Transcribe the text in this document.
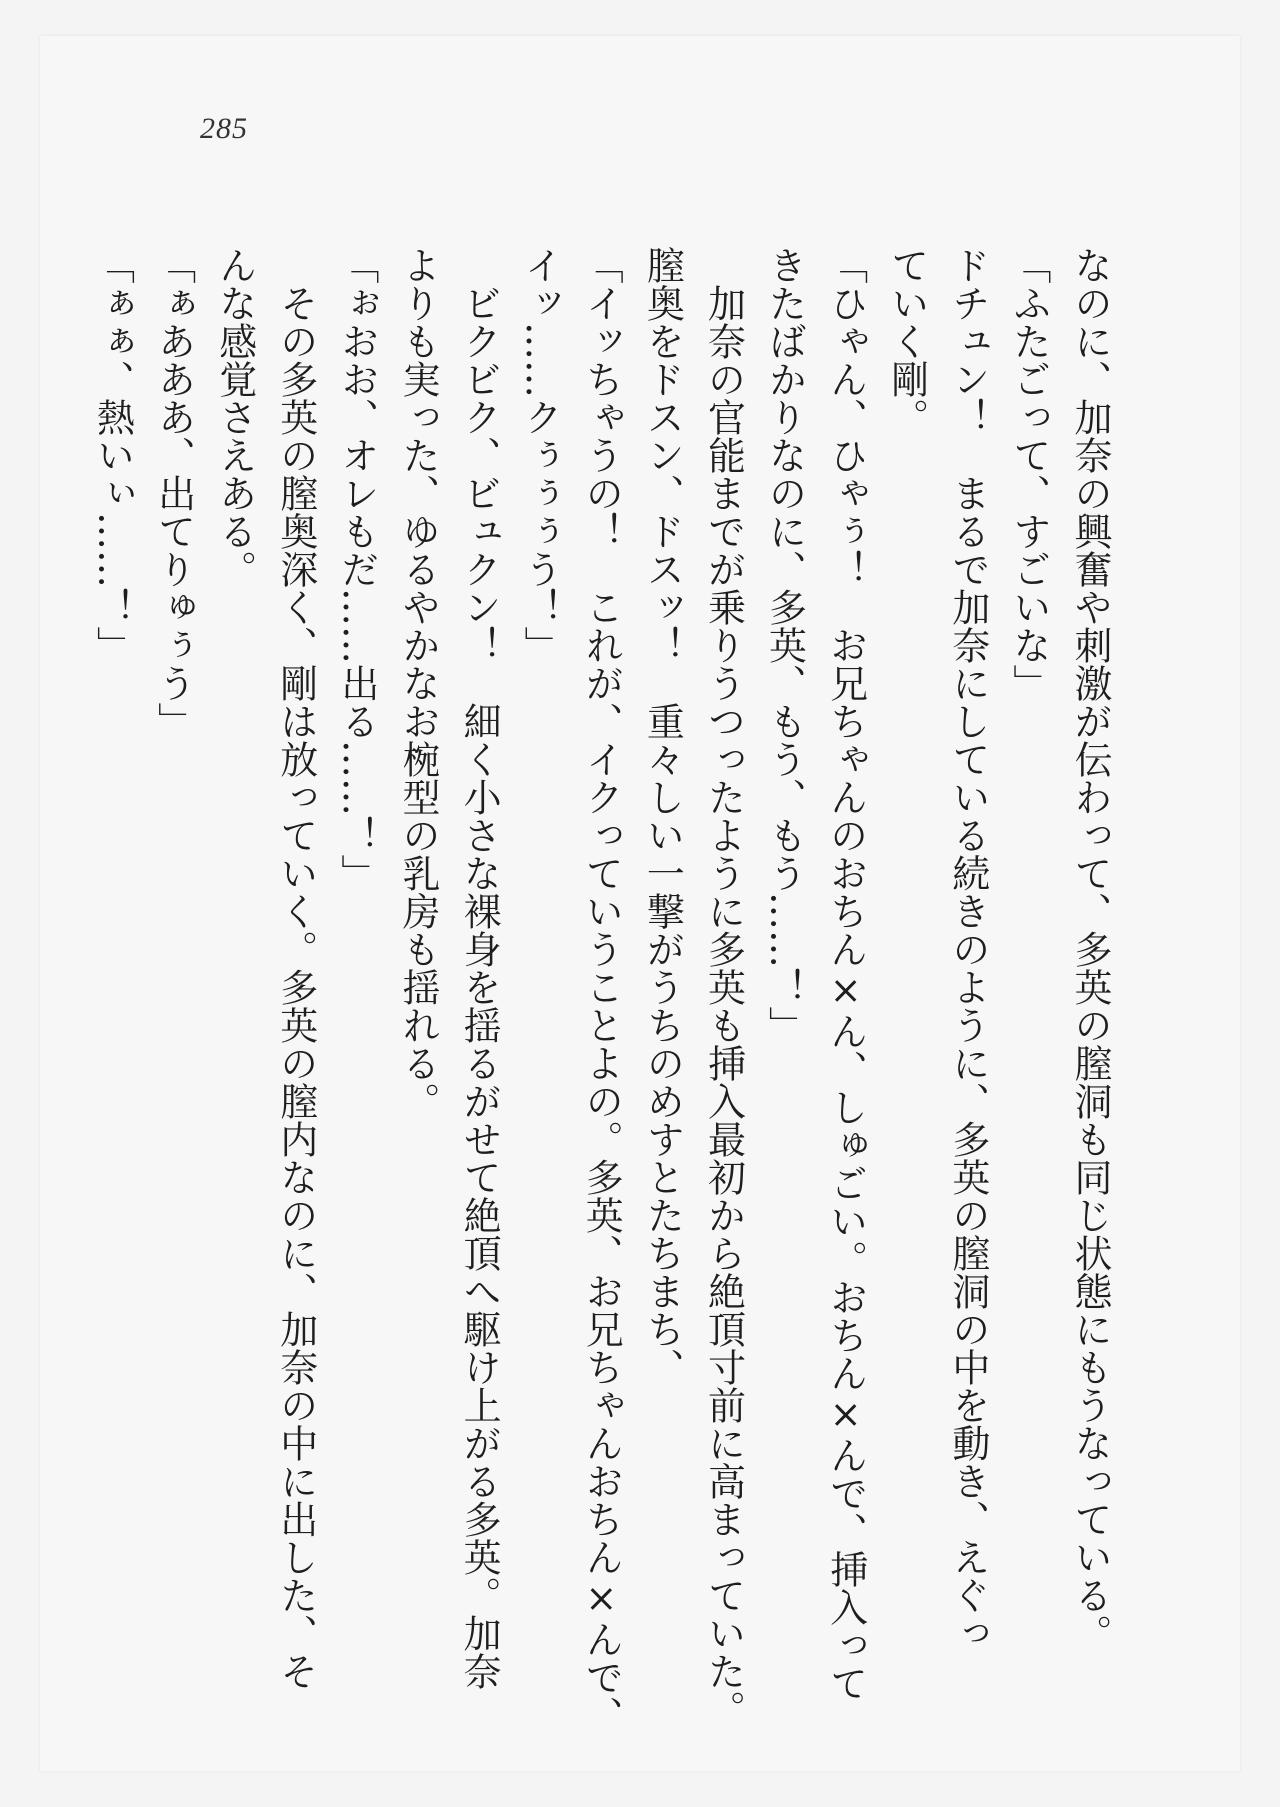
285
なのに、加奈の興奮や刺激が伝わって、多英の膣洞も同じ状態にもうなっている。
「ふたごって、すごいな」
ドチュン！　まるで加奈にしている続きのように、多英の膣洞の中を動き、えぐっ
ていく剛。
「ひゃん、ひゃぅ！　お兄ちゃんのおちん×ん、しゅごい。おちん×んで、挿入って
きたばかりなのに、多英、もう、もう……！」
　加奈の官能までが乗りうつったように多英も挿入最初から絶頂寸前に高まっていた。
膣奥をドスン、ドスッ！　重々しい一撃がうちのめすとたちまち、
「イッちゃうの！　これが、イクっていうことよの。多英、お兄ちゃんおちん×んで、
イッ……クぅぅぅう！」
　ビクビク、ビュクン！　細く小さな裸身を揺るがせて絶頂へ駆け上がる多英。加奈
よりも実った、ゆるやかなお椀型の乳房も揺れる。
「ぉおお、オレもだ……出る……！」
　その多英の膣奥深く、剛は放っていく。多英の膣内なのに、加奈の中に出した、そ
んな感覚さえある。
「ぁあああ、出てりゅぅう」
「ぁぁ、熱いぃ……！」
